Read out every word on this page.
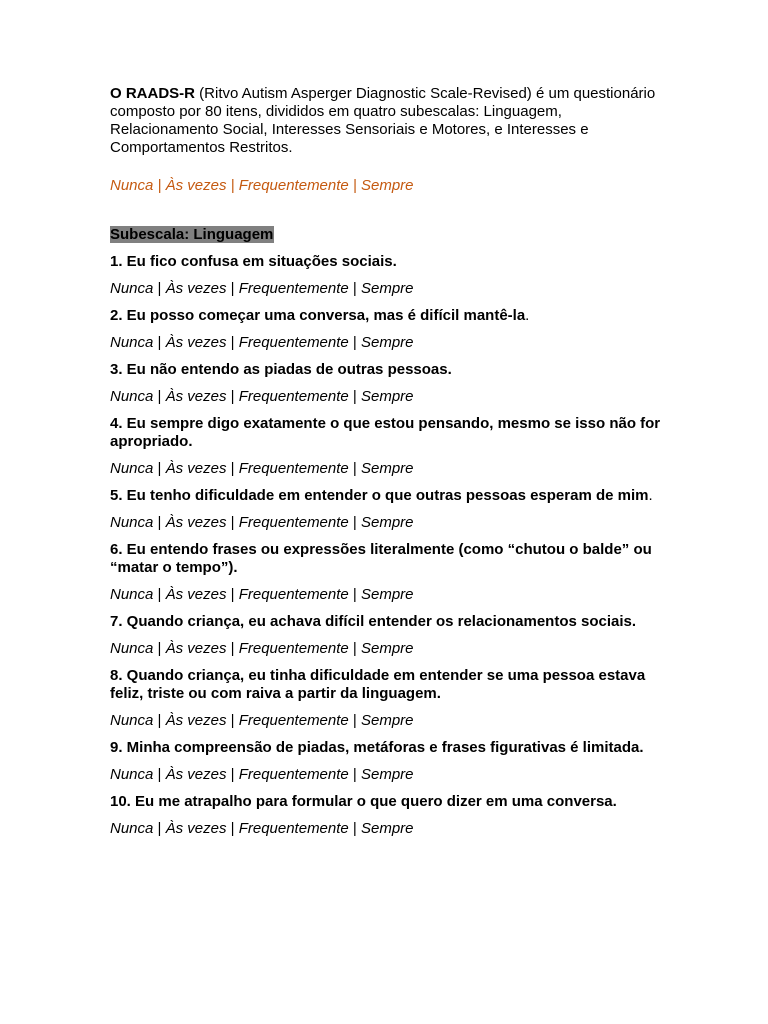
O RAADS-R (Ritvo Autism Asperger Diagnostic Scale-Revised) é um questionário composto por 80 itens, divididos em quatro subescalas: Linguagem, Relacionamento Social, Interesses Sensoriais e Motores, e Interesses e Comportamentos Restritos.

Nunca | Às vezes | Frequentemente | Sempre
Subescala: Linguagem

1. Eu fico confusa em situações sociais.

Nunca | Às vezes | Frequentemente | Sempre

2. Eu posso começar uma conversa, mas é difícil mantê-la.

Nunca | Às vezes | Frequentemente | Sempre

3. Eu não entendo as piadas de outras pessoas.

Nunca | Às vezes | Frequentemente | Sempre

4. Eu sempre digo exatamente o que estou pensando, mesmo se isso não for apropriado.

Nunca | Às vezes | Frequentemente | Sempre

5. Eu tenho dificuldade em entender o que outras pessoas esperam de mim.

Nunca | Às vezes | Frequentemente | Sempre

6. Eu entendo frases ou expressões literalmente (como “chutou o balde” ou “matar o tempo”).

Nunca | Às vezes | Frequentemente | Sempre

7. Quando criança, eu achava difícil entender os relacionamentos sociais.

Nunca | Às vezes | Frequentemente | Sempre

8. Quando criança, eu tinha dificuldade em entender se uma pessoa estava feliz, triste ou com raiva a partir da linguagem.

Nunca | Às vezes | Frequentemente | Sempre

9. Minha compreensão de piadas, metáforas e frases figurativas é limitada.

Nunca | Às vezes | Frequentemente | Sempre

10. Eu me atrapalho para formular o que quero dizer em uma conversa.

Nunca | Às vezes | Frequentemente | Sempre
